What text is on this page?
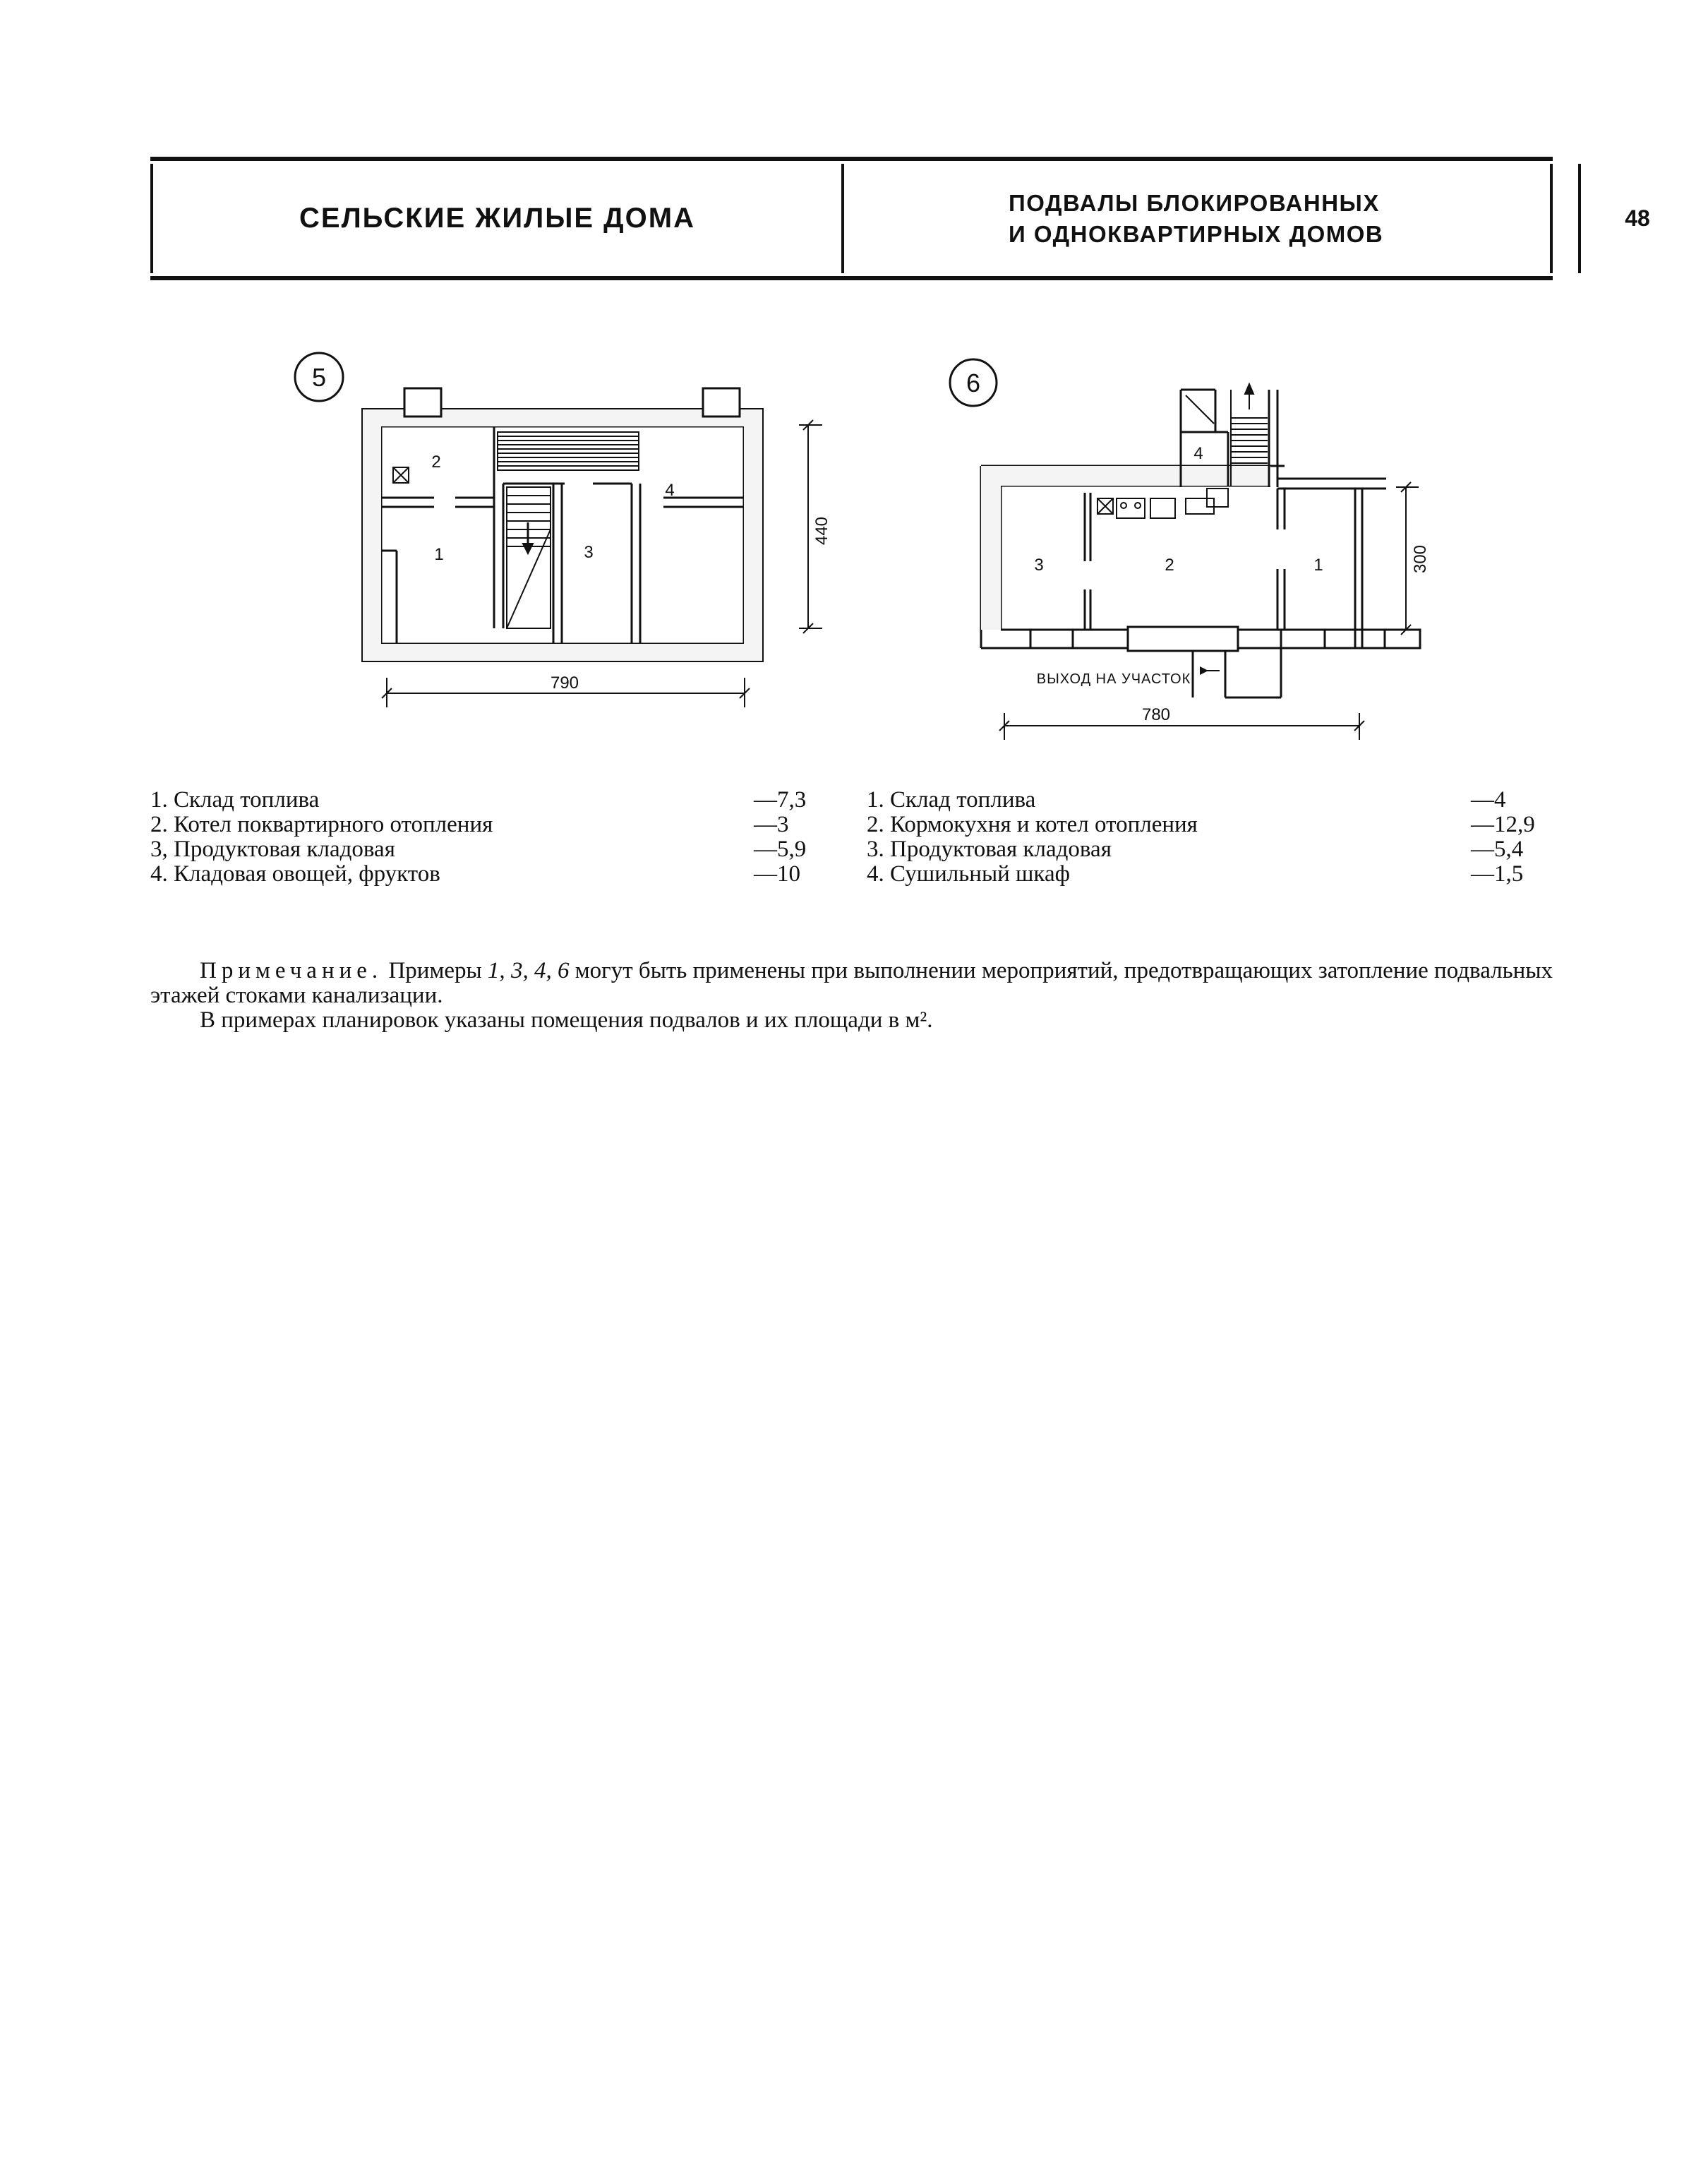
СЕЛЬСКИЕ ЖИЛЫЕ ДОМА	ПОДВАЛЫ БЛОКИРОВАННЫХ
И ОДНОКВАРТИРНЫХ ДОМОВ
48
5
2
1	3
4
440
790
6
ВЫХОД НА УЧАСТОК
3	2	1
4
300
780
1. Склад топлива	—7,3
2. Котел поквартирного отопления	—3
3, Продуктовая кладовая	—5,9
4. Кладовая овощей, фруктов	—10
1. Склад топлива	—4
2. Кормокухня и котел отопления	—12,9
3. Продуктовая кладовая	—5,4
4. Сушильный шкаф	—1,5

Примечание. Примеры 1, 3, 4, 6 могут быть применены при выполнении мероприятий, предотвращающих затопление подвальных этажей стоками канализации.

В примерах планировок указаны помещения подвалов и их площади в м².
